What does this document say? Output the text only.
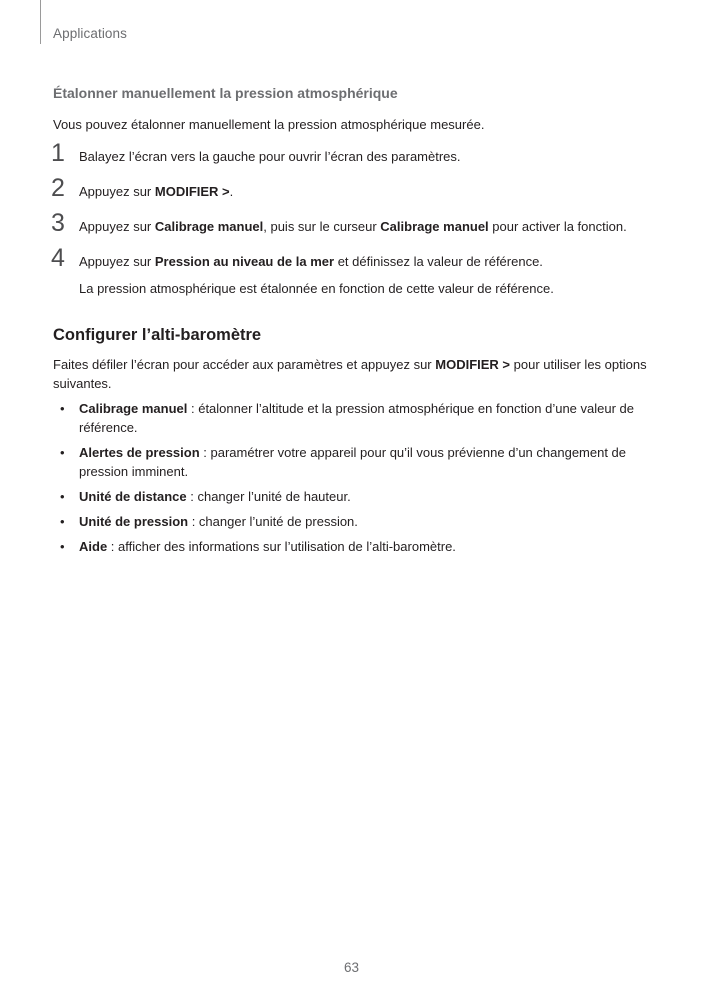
Applications
Étalonner manuellement la pression atmosphérique

Vous pouvez étalonner manuellement la pression atmosphérique mesurée.

1 Balayez l’écran vers la gauche pour ouvrir l’écran des paramètres.
2 Appuyez sur MODIFIER >.
3 Appuyez sur Calibrage manuel, puis sur le curseur Calibrage manuel pour activer la fonction.
4 Appuyez sur Pression au niveau de la mer et définissez la valeur de référence.
La pression atmosphérique est étalonnée en fonction de cette valeur de référence.
Configurer l’alti-baromètre

Faites défiler l’écran pour accéder aux paramètres et appuyez sur MODIFIER > pour utiliser les options suivantes.

• Calibrage manuel : étalonner l’altitude et la pression atmosphérique en fonction d’une valeur de référence.
• Alertes de pression : paramétrer votre appareil pour qu’il vous prévienne d’un changement de pression imminent.
• Unité de distance : changer l’unité de hauteur.
• Unité de pression : changer l’unité de pression.
• Aide : afficher des informations sur l’utilisation de l’alti-baromètre.
63
